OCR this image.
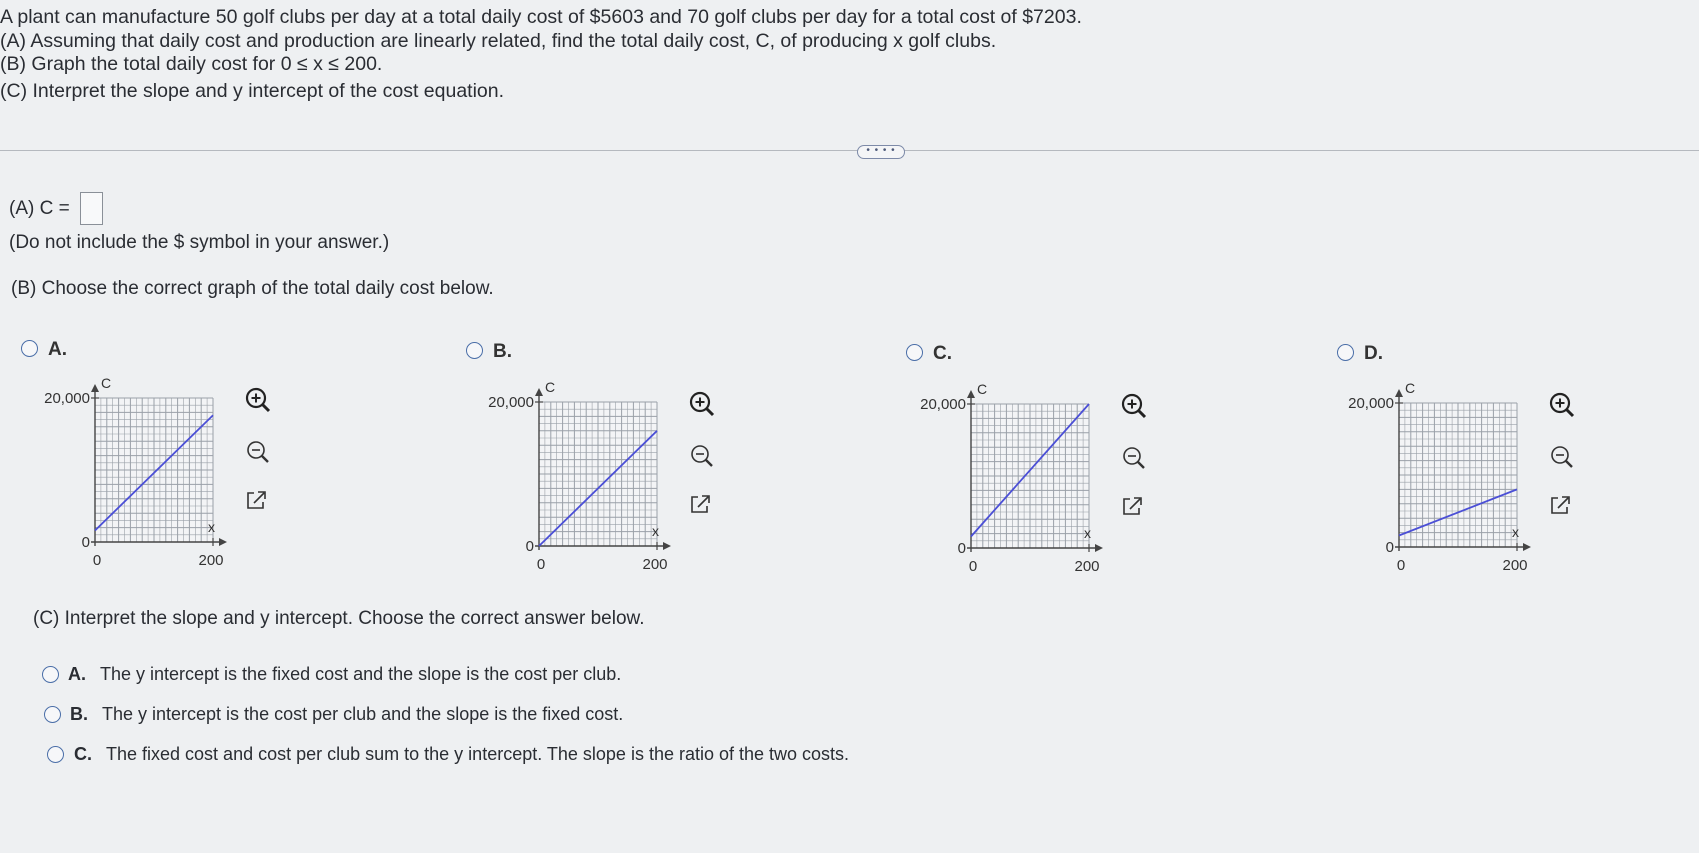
A plant can manufacture 50 golf clubs per day at a total daily cost of $5603 and 70 golf clubs per day for a total cost of $7203.
(A) Assuming that daily cost and production are linearly related, find the total daily cost, C, of producing x golf clubs.
(B) Graph the total daily cost for 0 ≤ x ≤ 200.
(C) Interpret the slope and y intercept of the cost equation.
• • • •
(A) C =
(Do not include the $ symbol in your answer.)
(B) Choose the correct graph of the total daily cost below.
A.
20,000
0
0	200
C
x
B.
20,000
0
0	200
C
x
C.
20,000
0
0	200
C
x
D.
20,000
0
0	200
C
x
(C) Interpret the slope and y intercept. Choose the correct answer below.
A. The y intercept is the fixed cost and the slope is the cost per club.
B. The y intercept is the cost per club and the slope is the fixed cost.
C. The fixed cost and cost per club sum to the y intercept. The slope is the ratio of the two costs.
